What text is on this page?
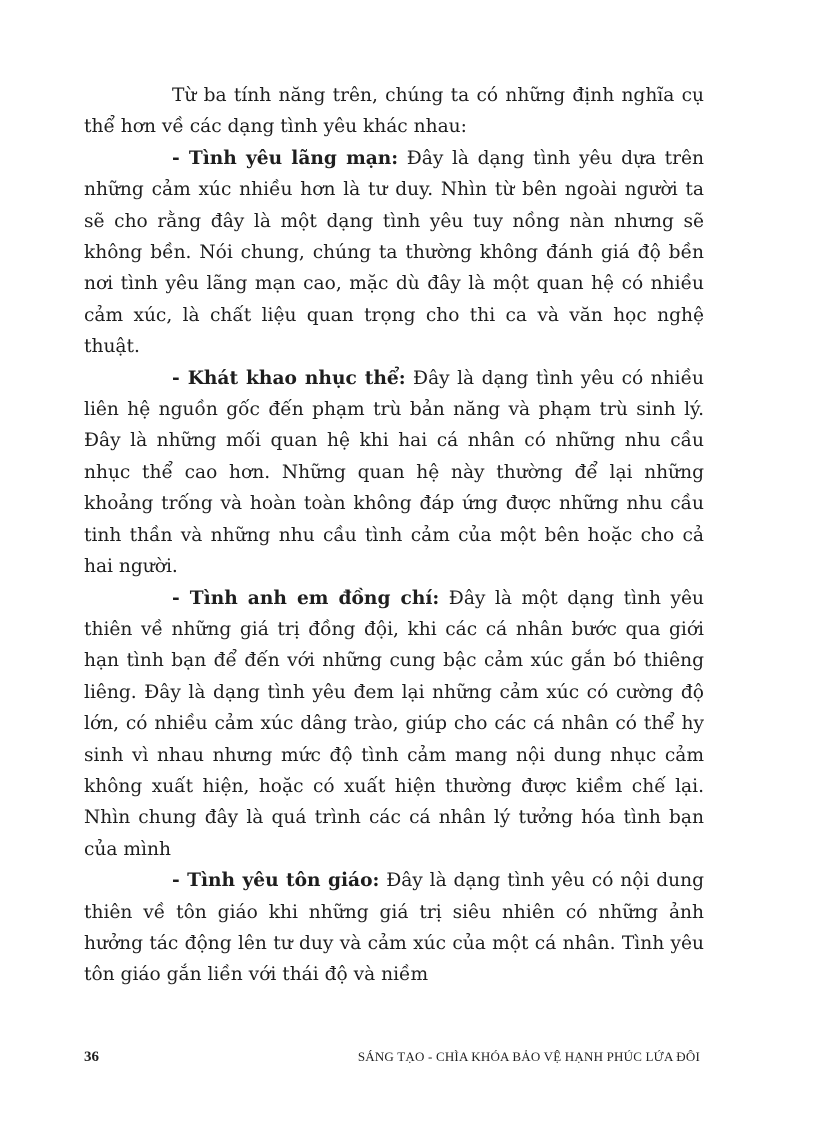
Từ ba tính năng trên, chúng ta có những định nghĩa cụ thể hơn về các dạng tình yêu khác nhau:

- Tình yêu lãng mạn: Đây là dạng tình yêu dựa trên những cảm xúc nhiều hơn là tư duy. Nhìn từ bên ngoài người ta sẽ cho rằng đây là một dạng tình yêu tuy nồng nàn nhưng sẽ không bền. Nói chung, chúng ta thường không đánh giá độ bền nơi tình yêu lãng mạn cao, mặc dù đây là một quan hệ có nhiều cảm xúc, là chất liệu quan trọng cho thi ca và văn học nghệ thuật.

- Khát khao nhục thể: Đây là dạng tình yêu có nhiều liên hệ nguồn gốc đến phạm trù bản năng và phạm trù sinh lý. Đây là những mối quan hệ khi hai cá nhân có những nhu cầu nhục thể cao hơn. Những quan hệ này thường để lại những khoảng trống và hoàn toàn không đáp ứng được những nhu cầu tinh thần và những nhu cầu tình cảm của một bên hoặc cho cả hai người.

- Tình anh em đồng chí: Đây là một dạng tình yêu thiên về những giá trị đồng đội, khi các cá nhân bước qua giới hạn tình bạn để đến với những cung bậc cảm xúc gắn bó thiêng liêng. Đây là dạng tình yêu đem lại những cảm xúc có cường độ lớn, có nhiều cảm xúc dâng trào, giúp cho các cá nhân có thể hy sinh vì nhau nhưng mức độ tình cảm mang nội dung nhục cảm không xuất hiện, hoặc có xuất hiện thường được kiềm chế lại. Nhìn chung đây là quá trình các cá nhân lý tưởng hóa tình bạn của mình

- Tình yêu tôn giáo: Đây là dạng tình yêu có nội dung thiên về tôn giáo khi những giá trị siêu nhiên có những ảnh hưởng tác động lên tư duy và cảm xúc của một cá nhân. Tình yêu tôn giáo gắn liền với thái độ và niềm

36	SÁNG TẠO - CHÌA KHÓA BẢO VỆ HẠNH PHÚC LỨA ĐÔI
